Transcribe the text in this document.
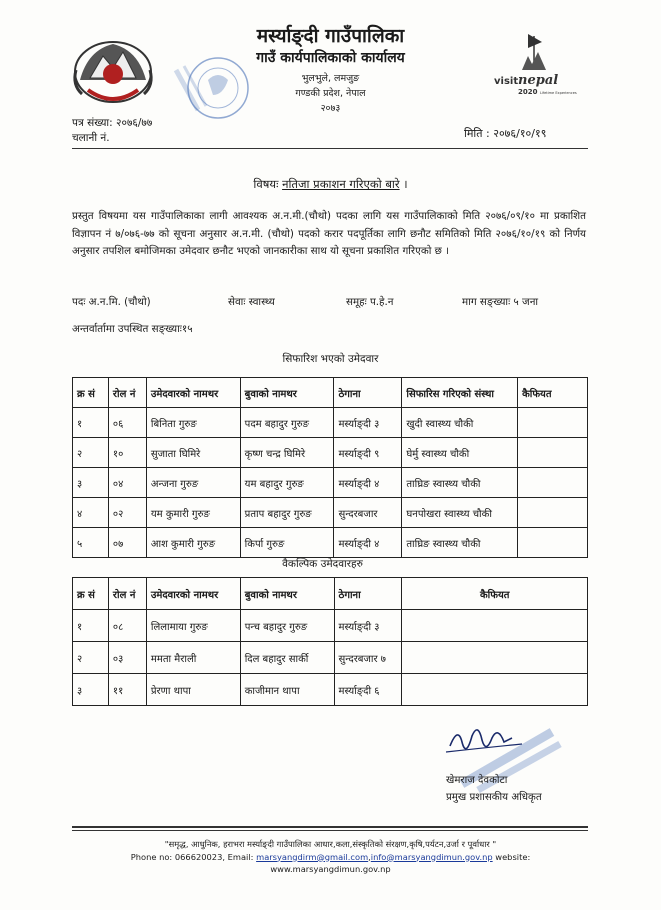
मर्स्याङ्दी गाउँपालिका
गाउँ कार्यपालिकाको कार्यालय
भुलभुले, लमजुङ
गण्डकी प्रदेश, नेपाल
२०७३
visit nepal
2020 Lifetime Experiences
पत्र संख्या: २०७६/७७
चलानी नं.	मिति : २०७६/१०/१९
विषयः नतिजा प्रकाशन गरिएको बारे ।
प्रस्तुत विषयमा यस गाउँपालिकाका लागी आवश्यक अ.न.मी.(चौथो) पदका लागि यस गाउँपालिकाको मिति २०७६/०९/१० मा प्रकाशित विज्ञापन नं ७/०७६-७७ को सूचना अनुसार अ.न.मी. (चौथो) पदको करार पदपूर्तिका लागि छनौट समितिको मिति २०७६/१०/१९ को निर्णय अनुसार तपशिल बमोजिमका उमेदवार छनौट भएको जानकारीका साथ यो सूचना प्रकाशित गरिएको छ ।
पदः अ.न.मि. (चौथो)	सेवाः स्वास्थ्य	समूहः प.हे.न	माग सङ्ख्याः ५ जना
अन्तर्वार्तामा उपस्थित सङ्ख्याः१५
सिफारिश भएको उमेदवार
क्र सं	रोल नं	उमेदवारको नामथर	बुवाको नामथर	ठेगाना	सिफारिस गरिएको संस्था	कैफियत
१	०६	बिनिता गुरुङ	पदम बहादुर गुरुङ	मर्स्याङ्दी ३	खुदी स्वास्थ्य चौकी	
२	१०	सुजाता घिमिरे	कृष्ण चन्द्र घिमिरे	मर्स्याङ्दी ९	घेर्मु स्वास्थ्य चौकी	
३	०४	अन्जना गुरुङ	यम बहादुर गुरुङ	मर्स्याङ्दी ४	ताघ्रिङ स्वास्थ्य चौकी	
४	०२	यम कुमारी गुरुङ	प्रताप बहादुर गुरुङ	सुन्दरबजार	घनपोखरा स्वास्थ्य चौकी	
५	०७	आश कुमारी गुरुङ	किर्पा गुरुङ	मर्स्याङ्दी ४	ताघ्रिङ स्वास्थ्य चौकी	
वैकल्पिक उमेदवारहरु
क्र सं	रोल नं	उमेदवारको नामथर	बुवाको नामथर	ठेगाना	कैफियत
१	०८	लिलामाया गुरुङ	पन्च बहादुर गुरुङ	मर्स्याङ्दी ३	
२	०३	ममता मैराली	दिल बहादुर सार्की	सुन्दरबजार ७	
३	११	प्रेरणा थापा	काजीमान थापा	मर्स्याङ्दी ६	
खेमराज देवकोटा
प्रमुख प्रशासकीय अधिकृत
"समृद्ध, आधुनिक, हराभरा मर्स्याङ्दी गाउँपालिका आधार,कला,संस्कृतिको संरक्षण,कृषि,पर्यटन,उर्जा र पूर्वाधार "
Phone no: 066620023, Email: marsyangdirm@gmail.com,info@marsyangdimun.gov.np website:
www.marsyangdimun.gov.np
